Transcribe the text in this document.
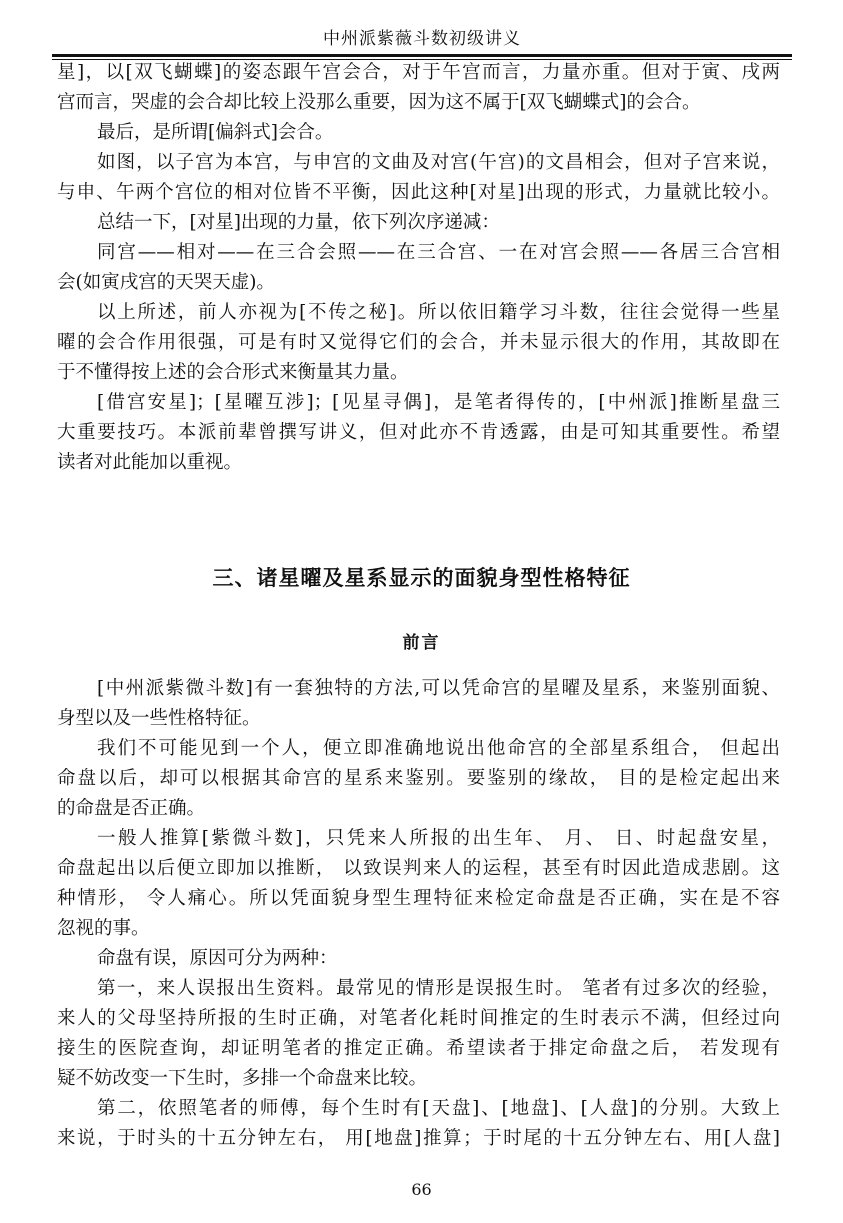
中州派紫薇斗数初级讲义
星]，以[双飞蝴蝶]的姿态跟午宫会合，对于午宫而言，力量亦重。但对于寅、戌两
宫而言，哭虚的会合却比较上没那么重要，因为这不属于[双飞蝴蝶式]的会合。
最后，是所谓[偏斜式]会合。
如图，以子宫为本宫，与申宫的文曲及对宫(午宫)的文昌相会，但对子宫来说，
与申、午两个宫位的相对位皆不平衡，因此这种[对星]出现的形式，力量就比较小。
总结一下，[对星]出现的力量，依下列次序递减：
同宫——相对——在三合会照——在三合宫、一在对宫会照——各居三合宫相
会(如寅戌宫的天哭天虚)。
以上所述，前人亦视为[不传之秘]。所以依旧籍学习斗数，往往会觉得一些星
曜的会合作用很强，可是有时又觉得它们的会合，并未显示很大的作用，其故即在
于不懂得按上述的会合形式来衡量其力量。
[借宫安星]；[星曜互涉]；[见星寻偶]，是笔者得传的，[中州派]推断星盘三
大重要技巧。本派前辈曾撰写讲义，但对此亦不肯透露，由是可知其重要性。希望
读者对此能加以重视。
三、诸星曜及星系显示的面貌身型性格特征
前言
[中州派紫微斗数]有一套独特的方法,可以凭命宫的星曜及星系，来鉴别面貌、
身型以及一些性格特征。
我们不可能见到一个人，便立即准确地说出他命宫的全部星系组合， 但起出
命盘以后，却可以根据其命宫的星系来鉴别。要鉴别的缘故， 目的是检定起出来
的命盘是否正确。
一般人推算[紫微斗数]，只凭来人所报的出生年、 月、 日、时起盘安星，
命盘起出以后便立即加以推断， 以致误判来人的运程，甚至有时因此造成悲剧。这
种情形， 令人痛心。所以凭面貌身型生理特征来检定命盘是否正确，实在是不容
忽视的事。
命盘有误，原因可分为两种：
第一，来人误报出生资料。最常见的情形是误报生时。 笔者有过多次的经验，
来人的父母坚持所报的生时正确，对笔者化耗时间推定的生时表示不满，但经过向
接生的医院查询，却证明笔者的推定正确。希望读者于排定命盘之后， 若发现有
疑不妨改变一下生时，多排一个命盘来比较。
第二，依照笔者的师傅，每个生时有[天盘]、[地盘]、[人盘]的分别。大致上
来说，于时头的十五分钟左右， 用[地盘]推算；于时尾的十五分钟左右、用[人盘]
66
